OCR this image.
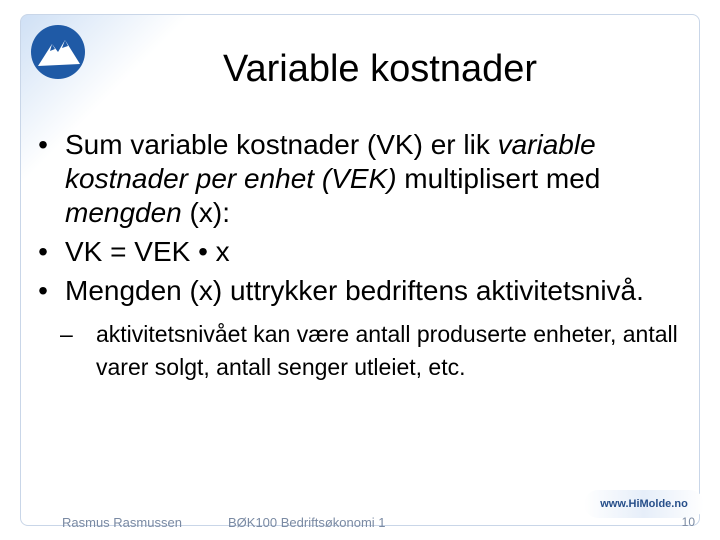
Variable kostnader
• Sum variable kostnader (VK) er lik variable kostnader per enhet (VEK) multiplisert med mengden (x):
• VK = VEK • x
• Mengden (x) uttrykker bedriftens aktivitetsnivå.
– aktivitetsnivået kan være antall produserte enheter, antall varer solgt, antall senger utleiet, etc.
www.HiMolde.no
Rasmus Rasmussen	BØK100 Bedriftsøkonomi 1	10
